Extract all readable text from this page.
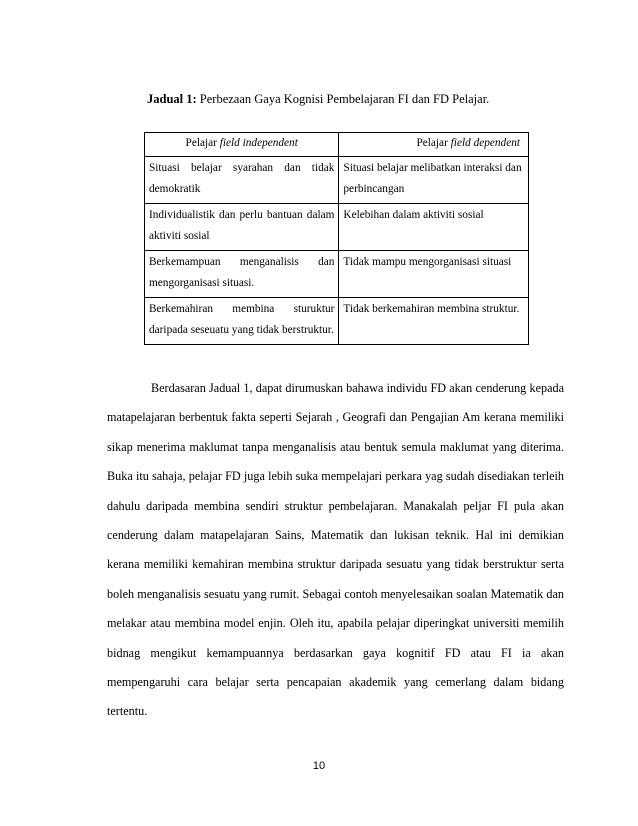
Jadual 1: Perbezaan Gaya Kognisi Pembelajaran FI dan FD Pelajar.
Pelajar field independent	Pelajar field dependent
Situasi belajar syarahan dan tidak demokratik	Situasi belajar melibatkan interaksi dan perbincangan
Individualistik dan perlu bantuan dalam aktiviti sosial	Kelebihan dalam aktiviti sosial
Berkemampuan menganalisis dan mengorganisasi situasi.	Tidak mampu mengorganisasi situasi
Berkemahiran membina sturuktur daripada seseuatu yang tidak berstruktur.	Tidak berkemahiran membina struktur.

Berdasaran Jadual 1, dapat dirumuskan bahawa individu FD akan cenderung kepada matapelajaran berbentuk fakta seperti Sejarah , Geografi dan Pengajian Am kerana memiliki sikap menerima maklumat tanpa menganalisis atau bentuk semula maklumat yang diterima. Buka itu sahaja, pelajar FD juga lebih suka mempelajari perkara yag sudah disediakan terleih dahulu daripada membina sendiri struktur pembelajaran. Manakalah peljar FI pula akan cenderung dalam matapelajaran Sains, Matematik dan lukisan teknik. Hal ini demikian kerana memiliki kemahiran membina struktur daripada sesuatu yang tidak berstruktur serta boleh menganalisis sesuatu yang rumit. Sebagai contoh menyelesaikan soalan Matematik dan melakar atau membina model enjin. Oleh itu, apabila pelajar diperingkat universiti memilih bidnag mengikut kemampuannya berdasarkan gaya kognitif FD atau FI ia akan mempengaruhi cara belajar serta pencapaian akademik yang cemerlang dalam bidang tertentu.

10
